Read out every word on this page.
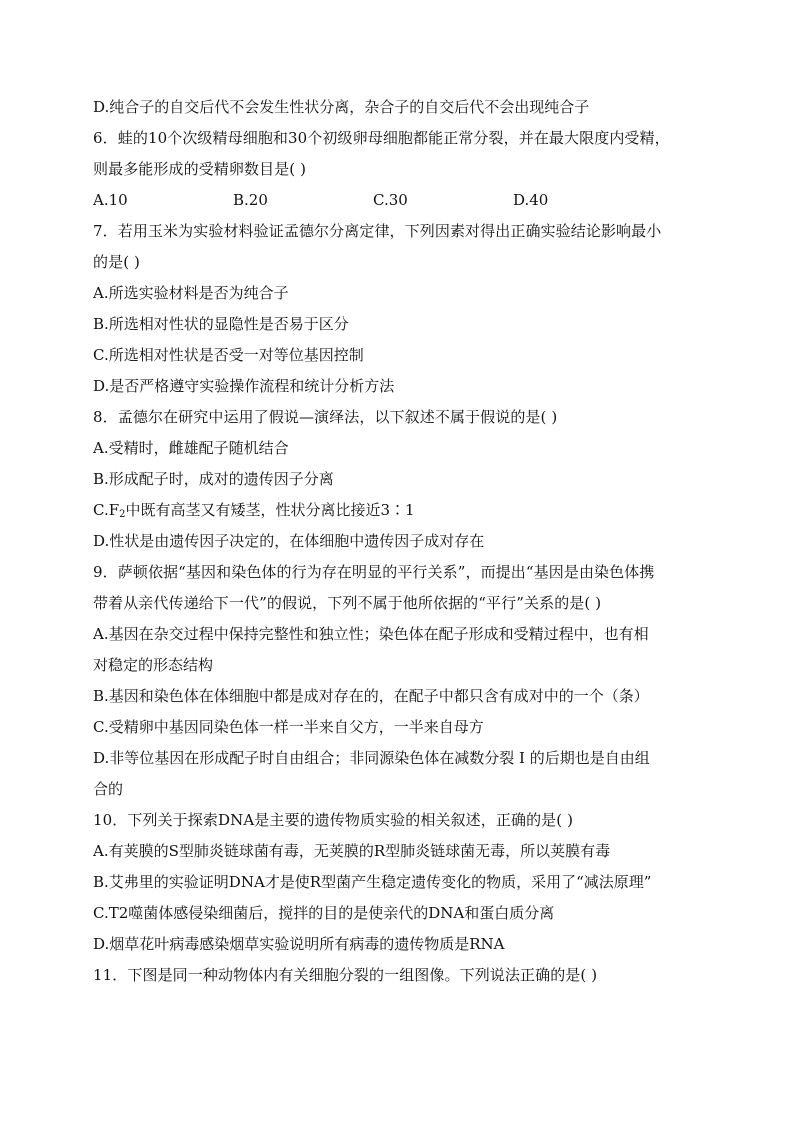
D.纯合子的自交后代不会发生性状分离，杂合子的自交后代不会出现纯合子
6．蛙的10个次级精母细胞和30个初级卵母细胞都能正常分裂，并在最大限度内受精，
则最多能形成的受精卵数目是( )
A.10	B.20	C.30	D.40
7．若用玉米为实验材料验证孟德尔分离定律，下列因素对得出正确实验结论影响最小
的是( )
A.所选实验材料是否为纯合子
B.所选相对性状的显隐性是否易于区分
C.所选相对性状是否受一对等位基因控制
D.是否严格遵守实验操作流程和统计分析方法
8．孟德尔在研究中运用了假说—演绎法，以下叙述不属于假说的是( )
A.受精时，雌雄配子随机结合
B.形成配子时，成对的遗传因子分离
$C.F_2$中既有高茎又有矮茎，性状分离比接近3∶1
D.性状是由遗传因子决定的，在体细胞中遗传因子成对存在
9．萨顿依据“基因和染色体的行为存在明显的平行关系”，而提出“基因是由染色体携
带着从亲代传递给下一代”的假说，下列不属于他所依据的“平行”关系的是( )
A.基因在杂交过程中保持完整性和独立性；染色体在配子形成和受精过程中，也有相
对稳定的形态结构
B.基因和染色体在体细胞中都是成对存在的，在配子中都只含有成对中的一个（条）
C.受精卵中基因同染色体一样一半来自父方，一半来自母方
D.非等位基因在形成配子时自由组合；非同源染色体在减数分裂 I 的后期也是自由组
合的
10．下列关于探索DNA是主要的遗传物质实验的相关叙述，正确的是( )
A.有荚膜的S型肺炎链球菌有毒，无荚膜的R型肺炎链球菌无毒，所以荚膜有毒
B.艾弗里的实验证明DNA才是使R型菌产生稳定遗传变化的物质，采用了“减法原理”
C.T2噬菌体感侵染细菌后，搅拌的目的是使亲代的DNA和蛋白质分离
D.烟草花叶病毒感染烟草实验说明所有病毒的遗传物质是RNA
11．下图是同一种动物体内有关细胞分裂的一组图像。下列说法正确的是( )
